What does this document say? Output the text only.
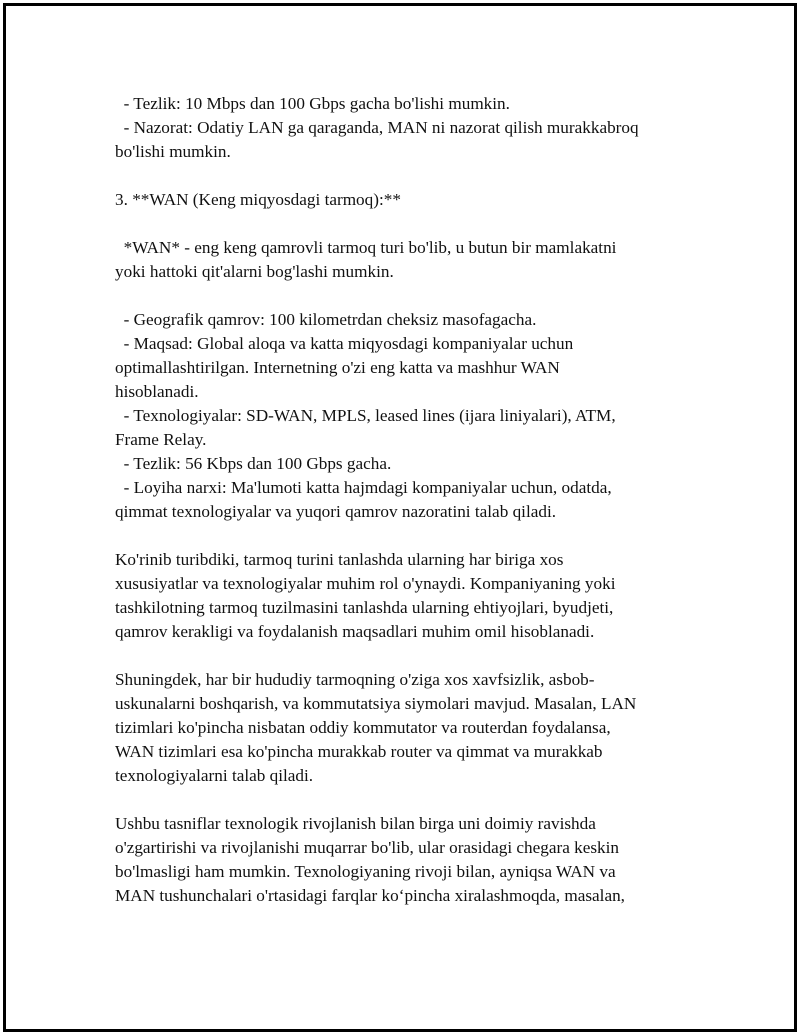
- Tezlik: 10 Mbps dan 100 Gbps gacha bo'lishi mumkin.
- Nazorat: Odatiy LAN ga qaraganda, MAN ni nazorat qilish murakkabroq
bo'lishi mumkin.
3. **WAN (Keng miqyosdagi tarmoq):**
*WAN* - eng keng qamrovli tarmoq turi bo'lib, u butun bir mamlakatni
yoki hattoki qit'alarni bog'lashi mumkin.
- Geografik qamrov: 100 kilometrdan cheksiz masofagacha.
- Maqsad: Global aloqa va katta miqyosdagi kompaniyalar uchun
optimallashtirilgan. Internetning o'zi eng katta va mashhur WAN
hisoblanadi.
- Texnologiyalar: SD-WAN, MPLS, leased lines (ijara liniyalari), ATM,
Frame Relay.
- Tezlik: 56 Kbps dan 100 Gbps gacha.
- Loyiha narxi: Ma'lumoti katta hajmdagi kompaniyalar uchun, odatda,
qimmat texnologiyalar va yuqori qamrov nazoratini talab qiladi.
Ko'rinib turibdiki, tarmoq turini tanlashda ularning har biriga xos
xususiyatlar va texnologiyalar muhim rol o'ynaydi. Kompaniyaning yoki
tashkilotning tarmoq tuzilmasini tanlashda ularning ehtiyojlari, byudjeti,
qamrov kerakligi va foydalanish maqsadlari muhim omil hisoblanadi.
Shuningdek, har bir hududiy tarmoqning o'ziga xos xavfsizlik, asbob-
uskunalarni boshqarish, va kommutatsiya siymolari mavjud. Masalan, LAN
tizimlari ko'pincha nisbatan oddiy kommutator va routerdan foydalansa,
WAN tizimlari esa ko'pincha murakkab router va qimmat va murakkab
texnologiyalarni talab qiladi.
Ushbu tasniflar texnologik rivojlanish bilan birga uni doimiy ravishda
o'zgartirishi va rivojlanishi muqarrar bo'lib, ular orasidagi chegara keskin
bo'lmasligi ham mumkin. Texnologiyaning rivoji bilan, ayniqsa WAN va
MAN tushunchalari o'rtasidagi farqlar ko‘pincha xiralashmoqda, masalan,
